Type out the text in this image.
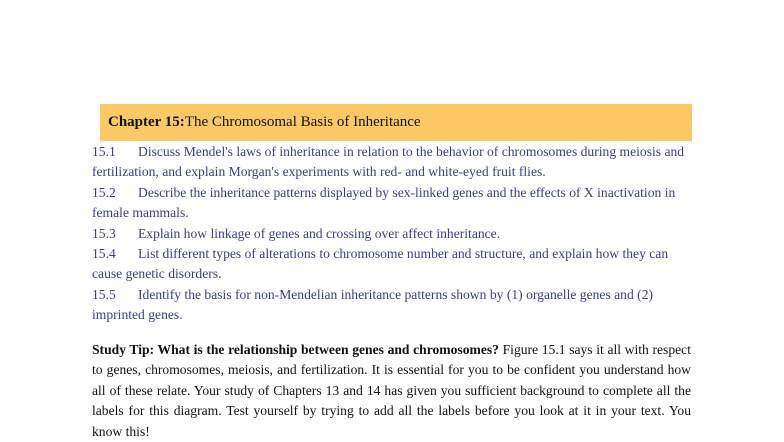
Chapter 15: The Chromosomal Basis of Inheritance

15.1 Discuss Mendel's laws of inheritance in relation to the behavior of chromosomes during meiosis and fertilization, and explain Morgan's experiments with red- and white-eyed fruit flies.

15.2 Describe the inheritance patterns displayed by sex-linked genes and the effects of X inactivation in female mammals.

15.3 Explain how linkage of genes and crossing over affect inheritance.

15.4 List different types of alterations to chromosome number and structure, and explain how they can cause genetic disorders.

15.5 Identify the basis for non-Mendelian inheritance patterns shown by (1) organelle genes and (2) imprinted genes.

Study Tip: What is the relationship between genes and chromosomes? Figure 15.1 says it all with respect to genes, chromosomes, meiosis, and fertilization. It is essential for you to be confident you understand how all of these relate. Your study of Chapters 13 and 14 has given you sufficient background to complete all the labels for this diagram. Test yourself by trying to add all the labels before you look at it in your text. You know this!
